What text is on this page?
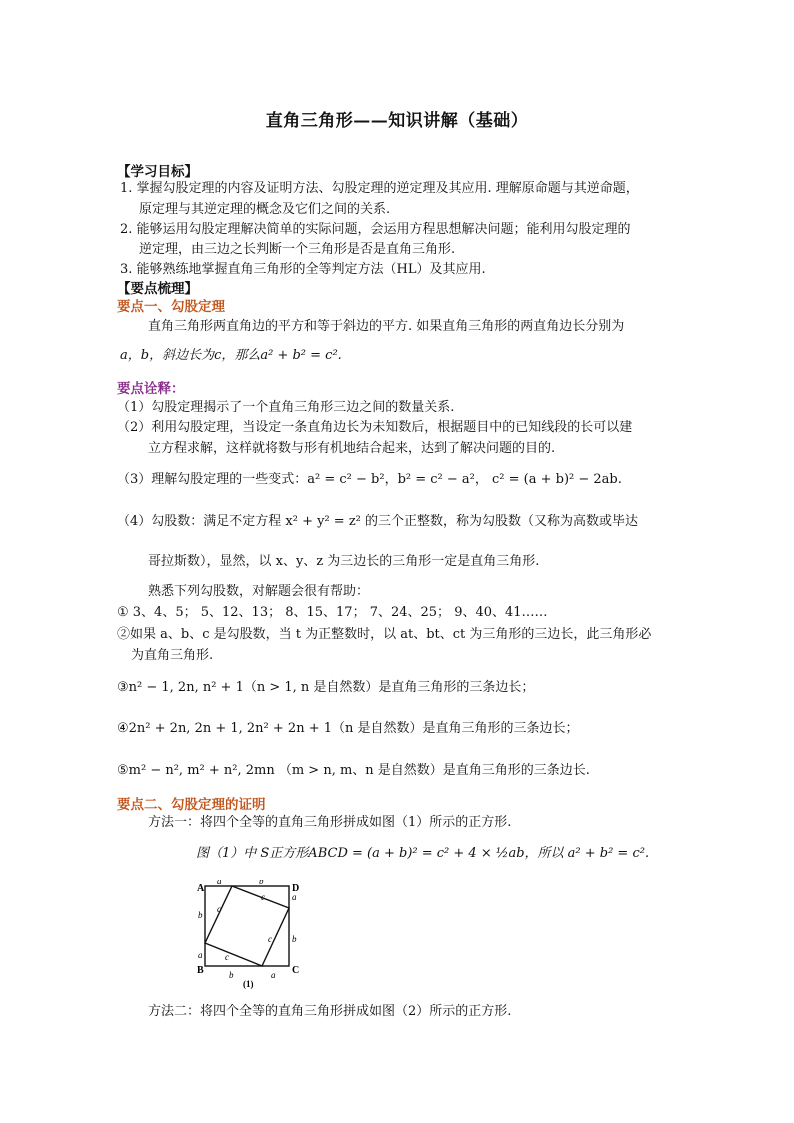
直角三角形——知识讲解（基础）
【学习目标】
1. 掌握勾股定理的内容及证明方法、勾股定理的逆定理及其应用. 理解原命题与其逆命题，
原定理与其逆定理的概念及它们之间的关系.
2. 能够运用勾股定理解决简单的实际问题，会运用方程思想解决问题；能利用勾股定理的
逆定理，由三边之长判断一个三角形是否是直角三角形.
3. 能够熟练地掌握直角三角形的全等判定方法（HL）及其应用.
【要点梳理】
要点一、勾股定理
直角三角形两直角边的平方和等于斜边的平方. 如果直角三角形的两直角边长分别为
a，b，斜边长为c，那么a² + b² = c².
要点诠释：
（1）勾股定理揭示了一个直角三角形三边之间的数量关系.
（2）利用勾股定理，当设定一条直角边长为未知数后，根据题目中的已知线段的长可以建
立方程求解，这样就将数与形有机地结合起来，达到了解决问题的目的.
（3）理解勾股定理的一些变式：a² = c² − b²，b² = c² − a²， c² = (a + b)² − 2ab.
（4）勾股数：满足不定方程 x² + y² = z² 的三个正整数，称为勾股数（又称为高数或毕达
哥拉斯数），显然，以 x、y、z 为三边长的三角形一定是直角三角形.
熟悉下列勾股数，对解题会很有帮助：
① 3、4、5； 5、12、13； 8、15、17； 7、24、25； 9、40、41……
②如果 a、b、c 是勾股数，当 t 为正整数时，以 at、bt、ct 为三角形的三边长，此三角形必
为直角三角形.
③n² − 1, 2n, n² + 1（n > 1, n 是自然数）是直角三角形的三条边长；
④2n² + 2n, 2n + 1, 2n² + 2n + 1（n 是自然数）是直角三角形的三条边长；
⑤m² − n², m² + n², 2mn （m > n, m、n 是自然数）是直角三角形的三条边长.
要点二、勾股定理的证明
方法一：将四个全等的直角三角形拼成如图（1）所示的正方形.
图（1）中 S正方形ABCD = (a + b)² = c² + 4 × ½ab，所以 a² + b² = c².
A
B	C
D
a	b
a
b
a
b
a
b
c
c
c
c
(1)
方法二：将四个全等的直角三角形拼成如图（2）所示的正方形.
